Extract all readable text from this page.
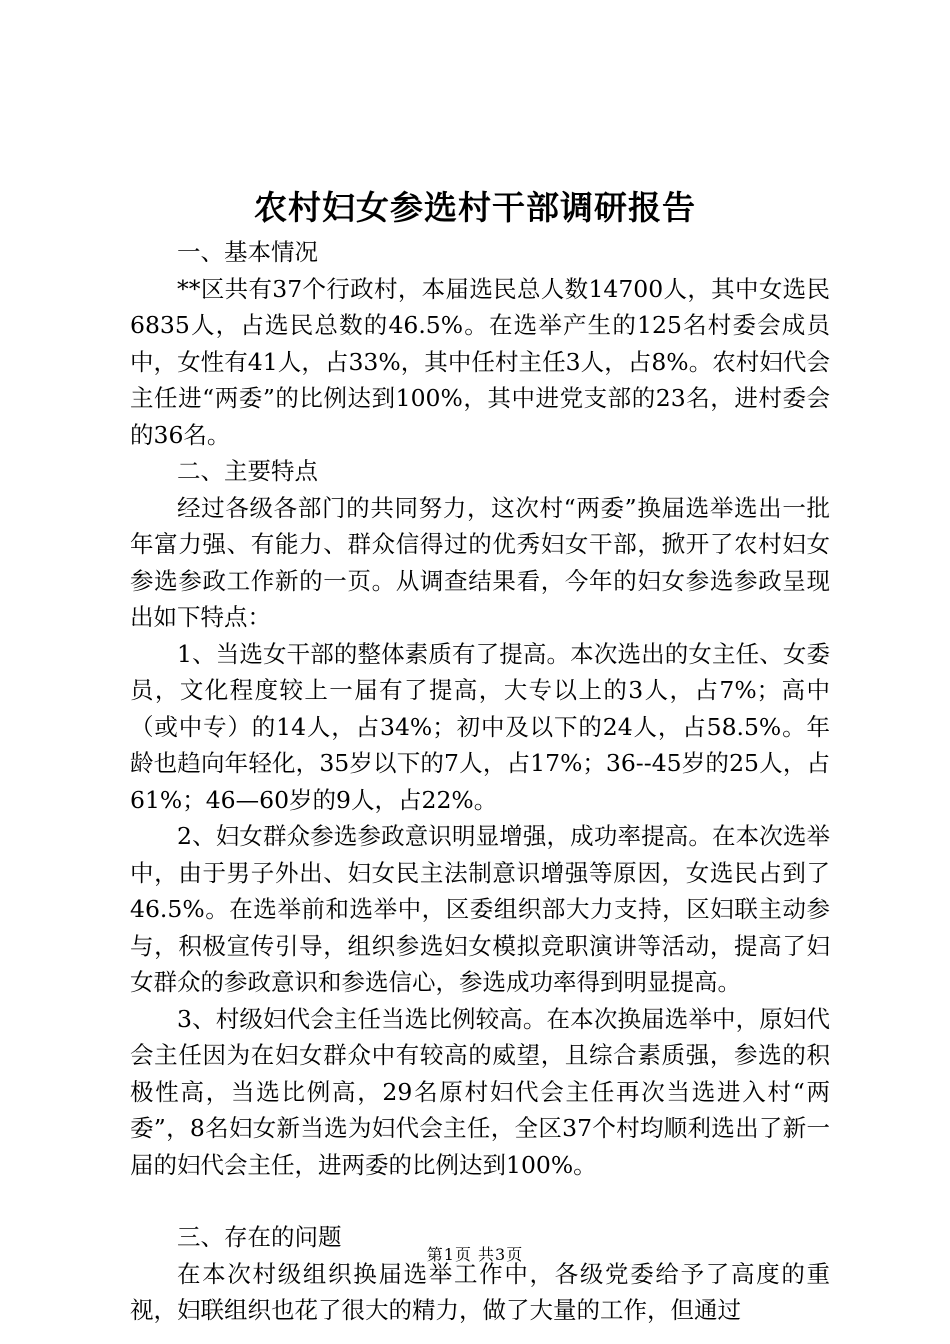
农村妇女参选村干部调研报告

一、基本情况

**区共有37个行政村，本届选民总人数14700人，其中女选民6835人，占选民总数的46.5%。在选举产生的125名村委会成员中，女性有41人，占33%，其中任村主任3人，占8%。农村妇代会主任进“两委”的比例达到100%，其中进党支部的23名，进村委会的36名。

二、主要特点

经过各级各部门的共同努力，这次村“两委”换届选举选出一批年富力强、有能力、群众信得过的优秀妇女干部，掀开了农村妇女参选参政工作新的一页。从调查结果看，今年的妇女参选参政呈现出如下特点：

1、当选女干部的整体素质有了提高。本次选出的女主任、女委员，文化程度较上一届有了提高，大专以上的3人，占7%；高中（或中专）的14人，占34%；初中及以下的24人，占58.5%。年龄也趋向年轻化，35岁以下的7人，占17%；36--45岁的25人，占61%；46—60岁的9人，占22%。

2、妇女群众参选参政意识明显增强，成功率提高。在本次选举中，由于男子外出、妇女民主法制意识增强等原因，女选民占到了46.5%。在选举前和选举中，区委组织部大力支持，区妇联主动参与，积极宣传引导，组织参选妇女模拟竞职演讲等活动，提高了妇女群众的参政意识和参选信心，参选成功率得到明显提高。

3、村级妇代会主任当选比例较高。在本次换届选举中，原妇代会主任因为在妇女群众中有较高的威望，且综合素质强，参选的积极性高，当选比例高，29名原村妇代会主任再次当选进入村“两委”，8名妇女新当选为妇代会主任，全区37个村均顺利选出了新一届的妇代会主任，进两委的比例达到100%。

三、存在的问题

在本次村级组织换届选举工作中，各级党委给予了高度的重视，妇联组织也花了很大的精力，做了大量的工作，但通过

第1页 共3页
